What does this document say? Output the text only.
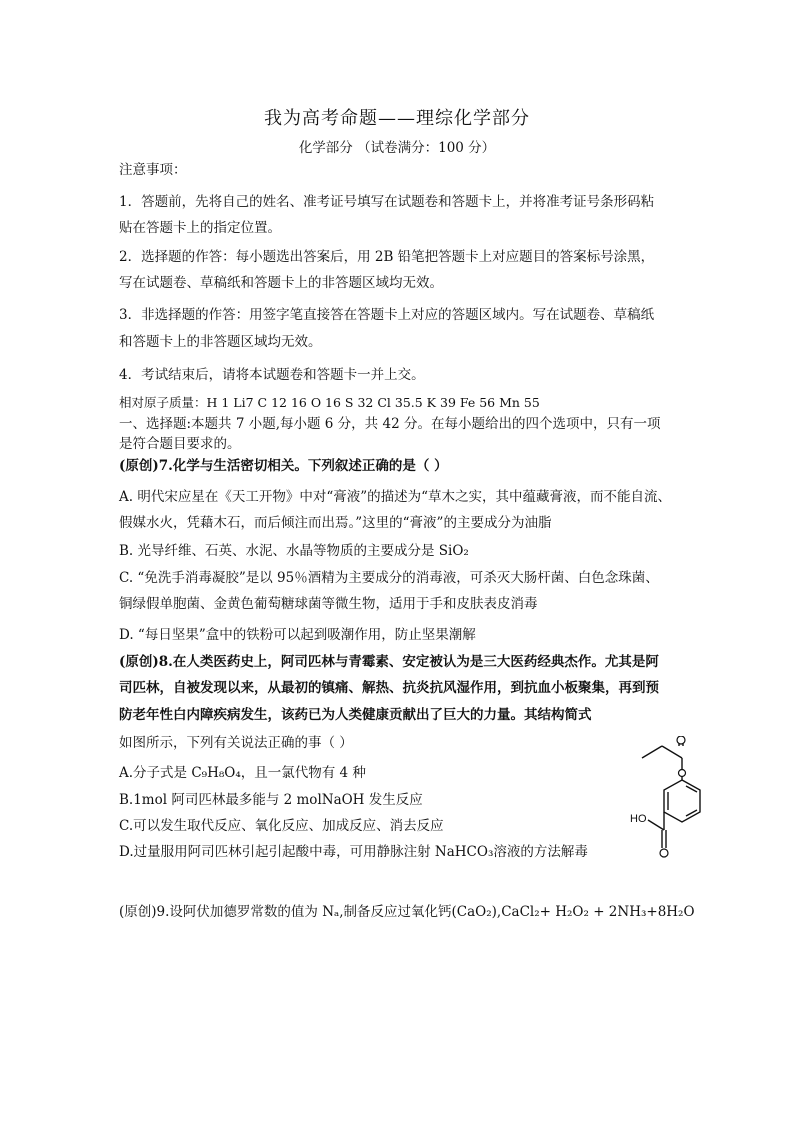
我为高考命题——理综化学部分
化学部分 （试卷满分：100 分）
注意事项：
1．答题前，先将自己的姓名、准考证号填写在试题卷和答题卡上，并将准考证号条形码粘
贴在答题卡上的指定位置。
2．选择题的作答：每小题选出答案后，用 2B 铅笔把答题卡上对应题目的答案标号涂黑，
写在试题卷、草稿纸和答题卡上的非答题区域均无效。
3．非选择题的作答：用签字笔直接答在答题卡上对应的答题区域内。写在试题卷、草稿纸
和答题卡上的非答题区域均无效。
4．考试结束后，请将本试题卷和答题卡一并上交。
相对原子质量：H 1 Li7 C 12 16 O 16 S 32 Cl 35.5 K 39 Fe 56 Mn 55
一、选择题:本题共 7 小题,每小题 6 分，共 42 分。在每小题给出的四个选项中，只有一项
是符合题目要求的。
(原创)7.化学与生活密切相关。下列叙述正确的是（ ）
A. 明代宋应星在《天工开物》中对“膏液”的描述为“草木之实，其中蕴藏膏液，而不能自流、
假媒水火，凭藉木石，而后倾注而出焉。”这里的“膏液”的主要成分为油脂
B. 光导纤维、石英、水泥、水晶等物质的主要成分是 SiO₂
C. “免洗手消毒凝胶”是以 95％酒精为主要成分的消毒液，可杀灭大肠杆菌、白色念珠菌、
铜绿假单胞菌、金黄色葡萄糖球菌等微生物，适用于手和皮肤表皮消毒
D. “每日坚果”盒中的铁粉可以起到吸潮作用，防止坚果潮解
(原创)8.在人类医药史上，阿司匹林与青霉素、安定被认为是三大医药经典杰作。尤其是阿
司匹林，自被发现以来，从最初的镇痛、解热、抗炎抗风湿作用，到抗血小板聚集，再到预
防老年性白内障疾病发生，该药已为人类健康贡献出了巨大的力量。其结构简式
如图所示，下列有关说法正确的事（ ）
A.分子式是 C₉H₈O₄，且一氯代物有 4 种
B.1mol 阿司匹林最多能与 2 molNaOH 发生反应
C.可以发生取代反应、氧化反应、加成反应、消去反应
D.过量服用阿司匹林引起引起酸中毒，可用静脉注射 NaHCO₃溶液的方法解毒
HO
(原创)9.设阿伏加德罗常数的值为 Nₐ,制备反应过氧化钙(CaO₂),CaCl₂+ H₂O₂ + 2NH₃+8H₂O
